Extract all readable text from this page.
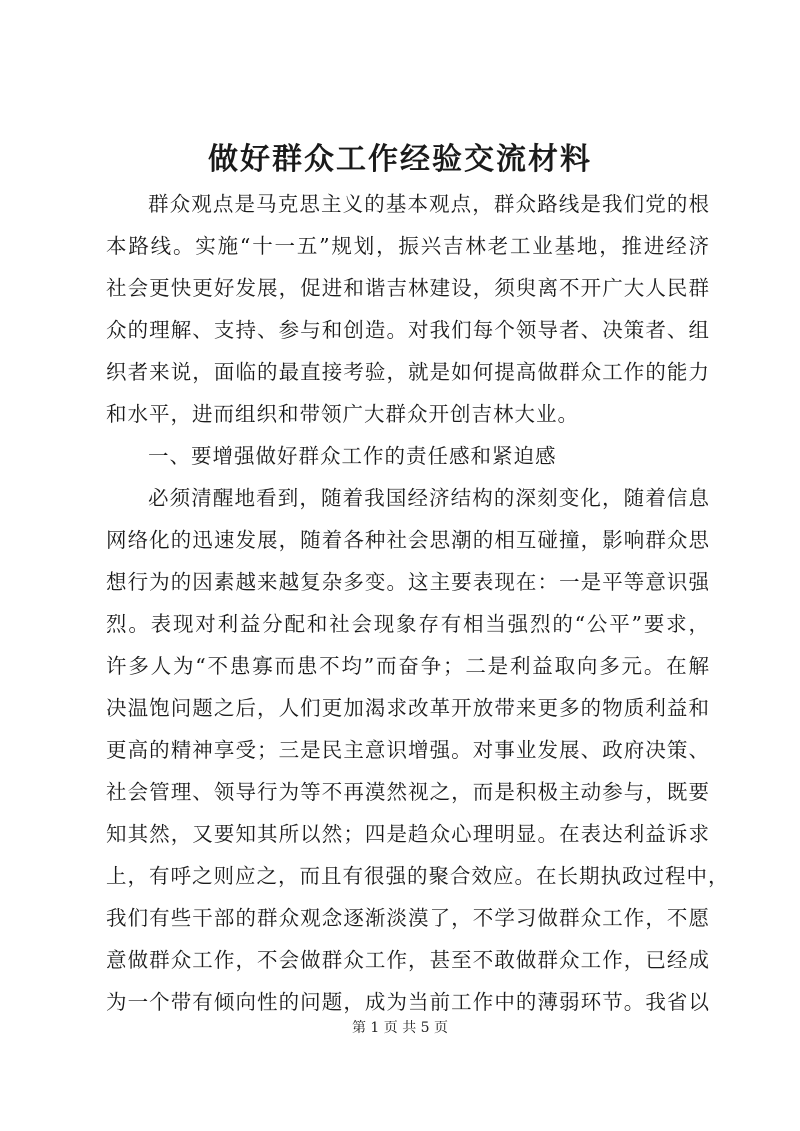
做好群众工作经验交流材料
群众观点是马克思主义的基本观点，群众路线是我们党的根
本路线。实施“十一五”规划，振兴吉林老工业基地，推进经济
社会更快更好发展，促进和谐吉林建设，须臾离不开广大人民群
众的理解、支持、参与和创造。对我们每个领导者、决策者、组
织者来说，面临的最直接考验，就是如何提高做群众工作的能力
和水平，进而组织和带领广大群众开创吉林大业。
一、要增强做好群众工作的责任感和紧迫感
必须清醒地看到，随着我国经济结构的深刻变化，随着信息
网络化的迅速发展，随着各种社会思潮的相互碰撞，影响群众思
想行为的因素越来越复杂多变。这主要表现在：一是平等意识强
烈。表现对利益分配和社会现象存有相当强烈的“公平”要求，
许多人为“不患寡而患不均”而奋争；二是利益取向多元。在解
决温饱问题之后，人们更加渴求改革开放带来更多的物质利益和
更高的精神享受；三是民主意识增强。对事业发展、政府决策、
社会管理、领导行为等不再漠然视之，而是积极主动参与，既要
知其然，又要知其所以然；四是趋众心理明显。在表达利益诉求
上，有呼之则应之，而且有很强的聚合效应。在长期执政过程中，
我们有些干部的群众观念逐渐淡漠了，不学习做群众工作，不愿
意做群众工作，不会做群众工作，甚至不敢做群众工作，已经成
为一个带有倾向性的问题，成为当前工作中的薄弱环节。我省以
第 1 页 共 5 页
